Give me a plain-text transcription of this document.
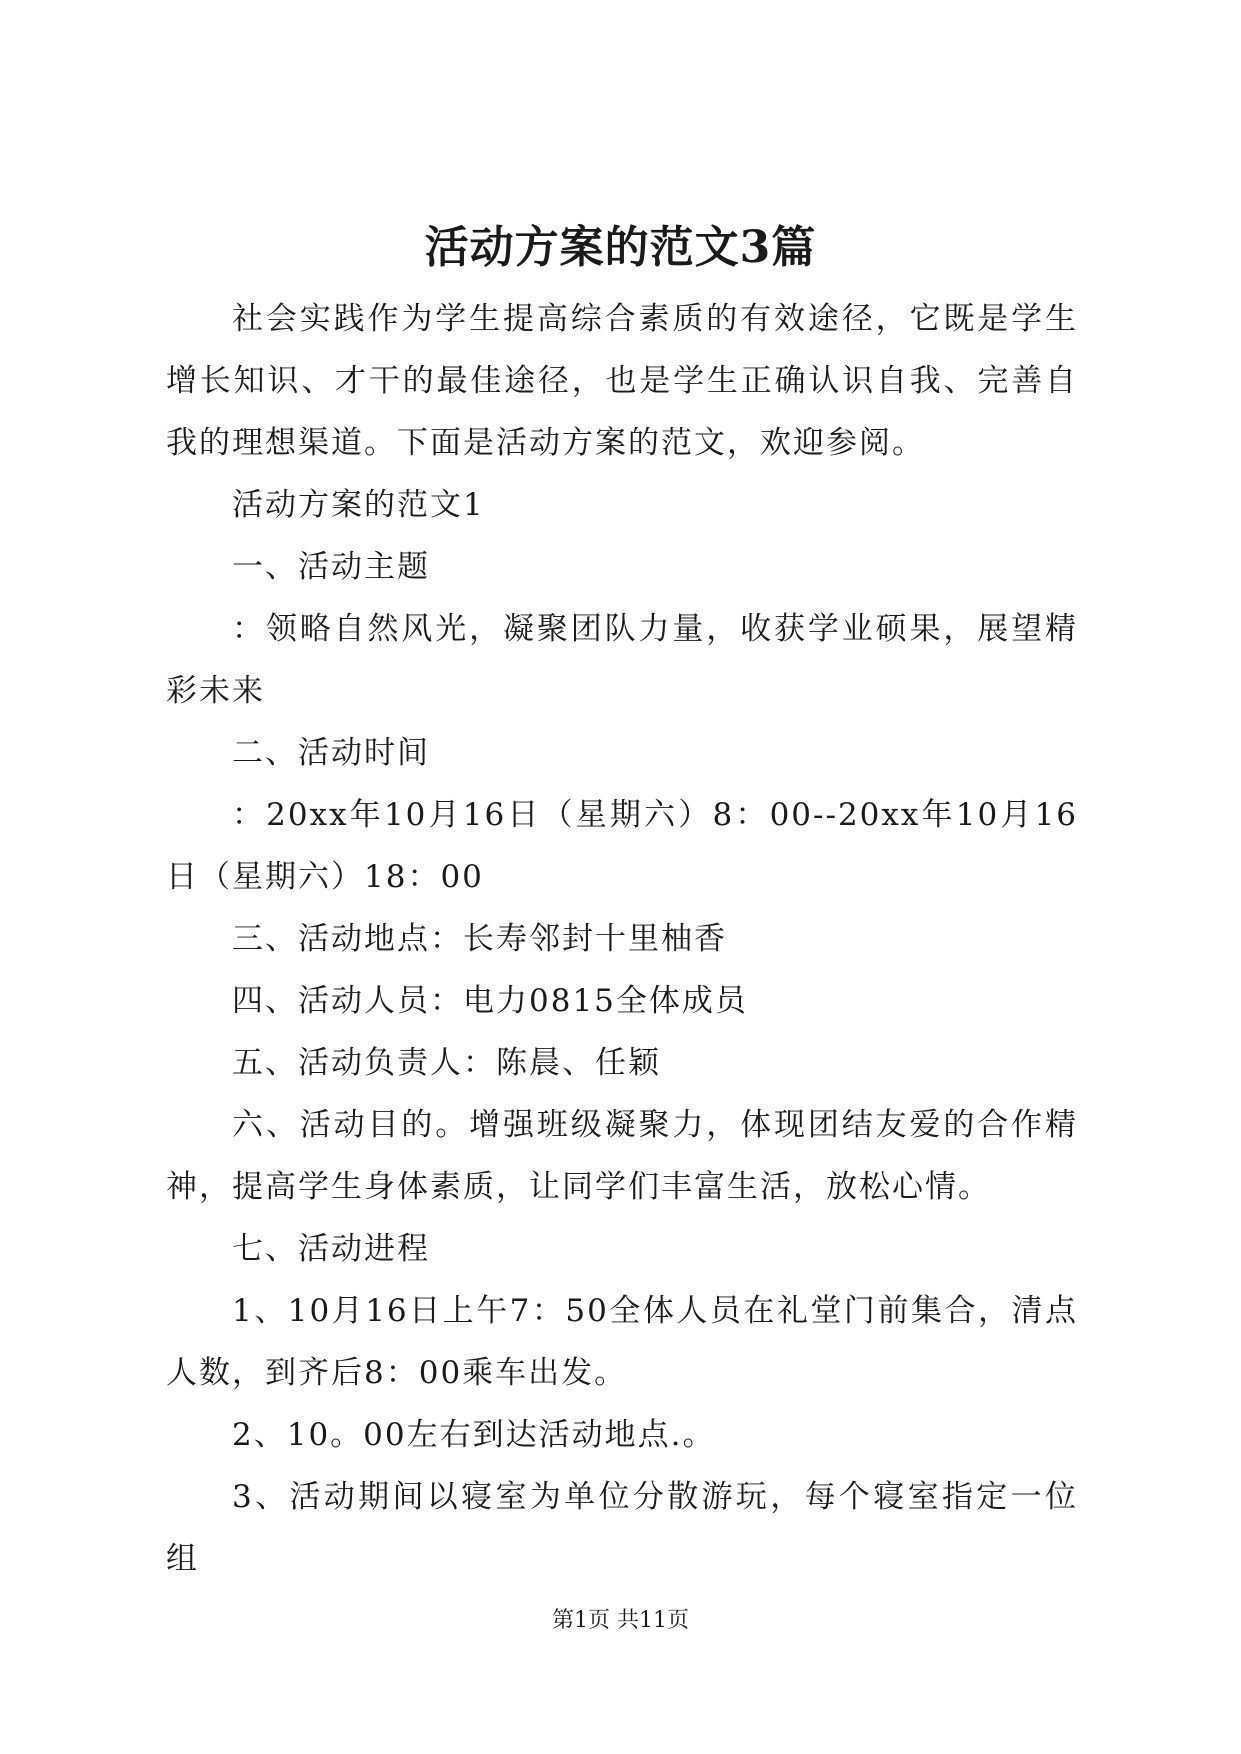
活动方案的范文3篇

社会实践作为学生提高综合素质的有效途径，它既是学生增长知识、才干的最佳途径，也是学生正确认识自我、完善自我的理想渠道。下面是活动方案的范文，欢迎参阅。

活动方案的范文1

一、活动主题

：领略自然风光，凝聚团队力量，收获学业硕果，展望精彩未来

二、活动时间

：20xx年10月16日（星期六）8：00--20xx年10月16日（星期六）18：00

三、活动地点：长寿邻封十里柚香

四、活动人员：电力0815全体成员

五、活动负责人：陈晨、任颖

六、活动目的。增强班级凝聚力，体现团结友爱的合作精神，提高学生身体素质，让同学们丰富生活，放松心情。

七、活动进程

1、10月16日上午7：50全体人员在礼堂门前集合，清点人数，到齐后8：00乘车出发。

2、10。00左右到达活动地点.。

3、活动期间以寝室为单位分散游玩，每个寝室指定一位组

第1页 共11页
